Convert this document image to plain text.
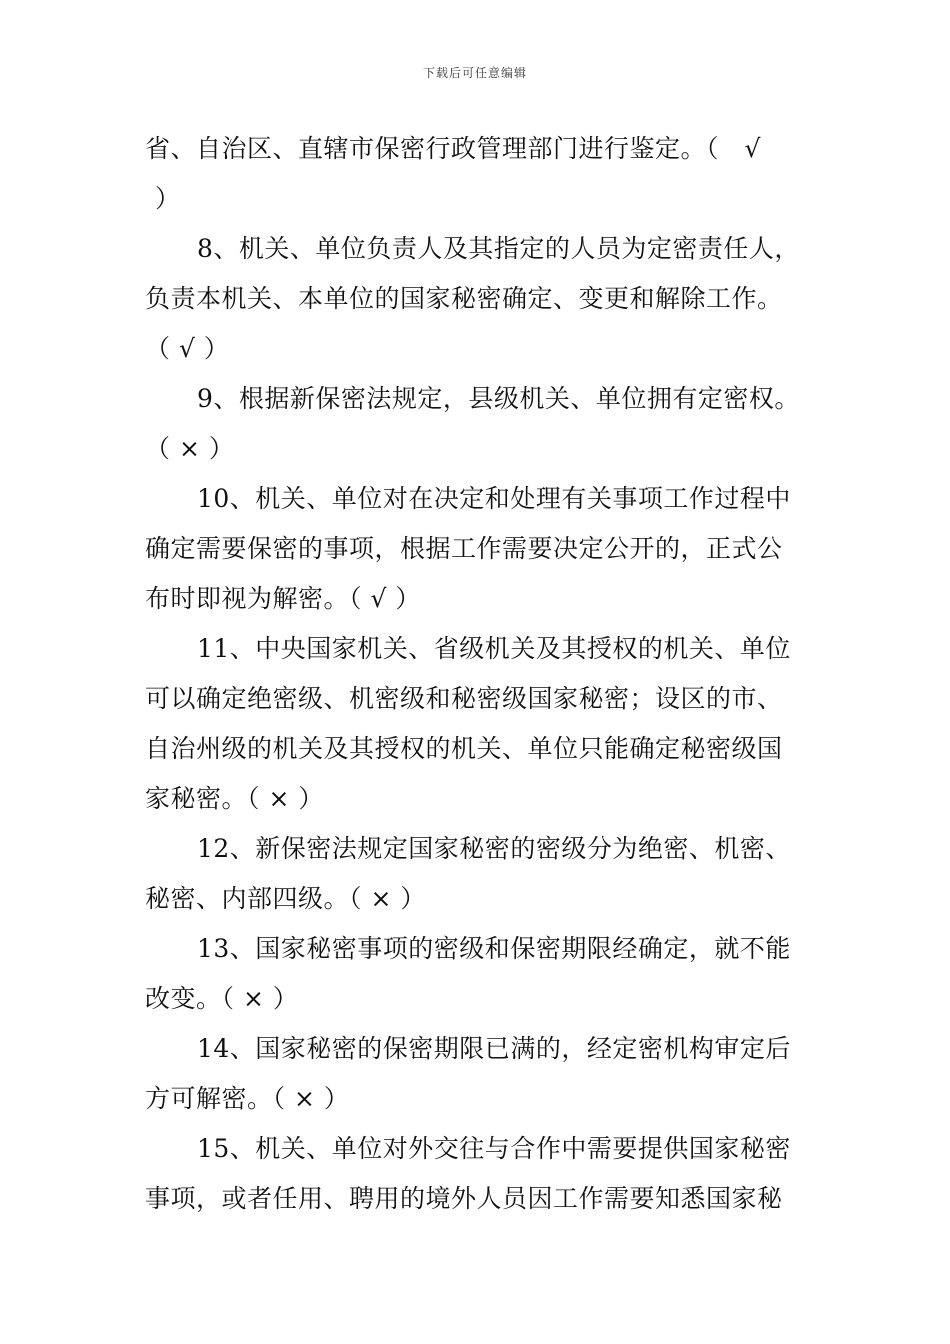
下载后可任意编辑
省、自治区、直辖市保密行政管理部门进行鉴定。（　√
）
8、机关、单位负责人及其指定的人员为定密责任人，
负责本机关、本单位的国家秘密确定、变更和解除工作。
（ √ ）
9、根据新保密法规定，县级机关、单位拥有定密权。
（ × ）
10、机关、单位对在决定和处理有关事项工作过程中
确定需要保密的事项，根据工作需要决定公开的，正式公
布时即视为解密。（ √ ）
11、中央国家机关、省级机关及其授权的机关、单位
可以确定绝密级、机密级和秘密级国家秘密；设区的市、
自治州级的机关及其授权的机关、单位只能确定秘密级国
家秘密。（ × ）
12、新保密法规定国家秘密的密级分为绝密、机密、
秘密、内部四级。（ × ）
13、国家秘密事项的密级和保密期限经确定，就不能
改变。（ × ）
14、国家秘密的保密期限已满的，经定密机构审定后
方可解密。（ × ）
15、机关、单位对外交往与合作中需要提供国家秘密
事项，或者任用、聘用的境外人员因工作需要知悉国家秘
